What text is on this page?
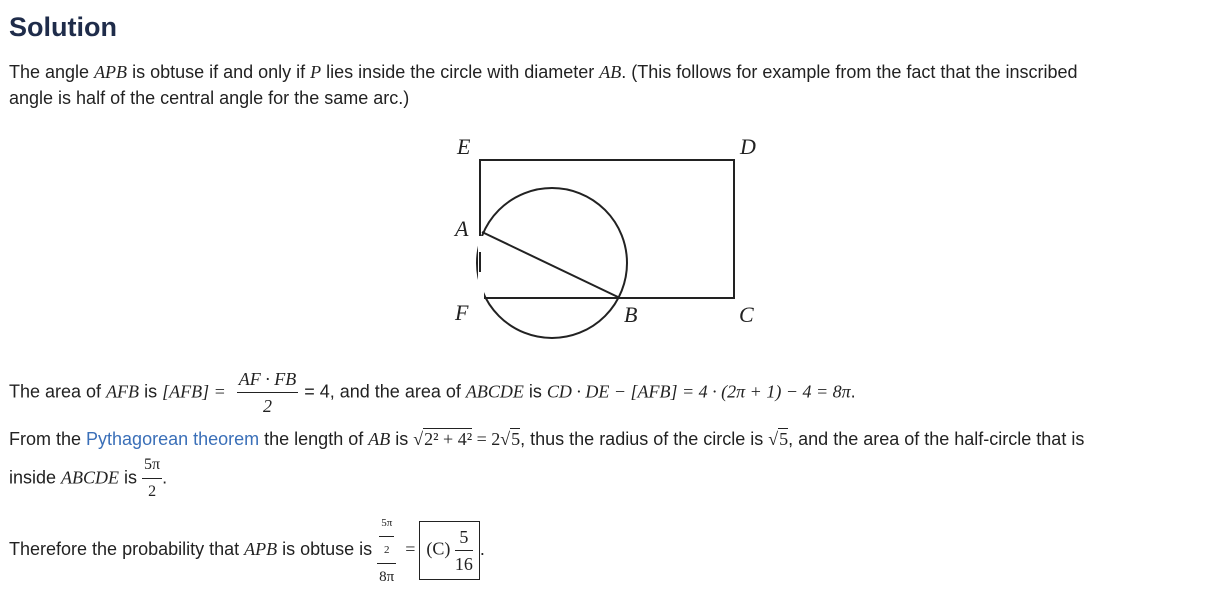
Solution

The angle APB is obtuse if and only if P lies inside the circle with diameter AB. (This follows for example from the fact that the inscribed
angle is half of the central angle for the same arc.)

E	D
A
F	B	C

The area of AFB is $[AFB] = \frac{AF \cdot FB}{2} = 4$, and the area of ABCDE is CD · DE − [AFB] = 4 · (2π + 1) − 4 = 8π.

From the Pythagorean theorem the length of AB is √2² + 4² = 2√5, thus the radius of the circle is √5, and the area of the half-circle that is

inside ABCDE is $\frac{5\pi}{2}$ .

Therefore the probability that APB is obtuse is $\frac{\frac{5\pi}{2}}{8\pi} = (C) \frac{5}{16}$ .
